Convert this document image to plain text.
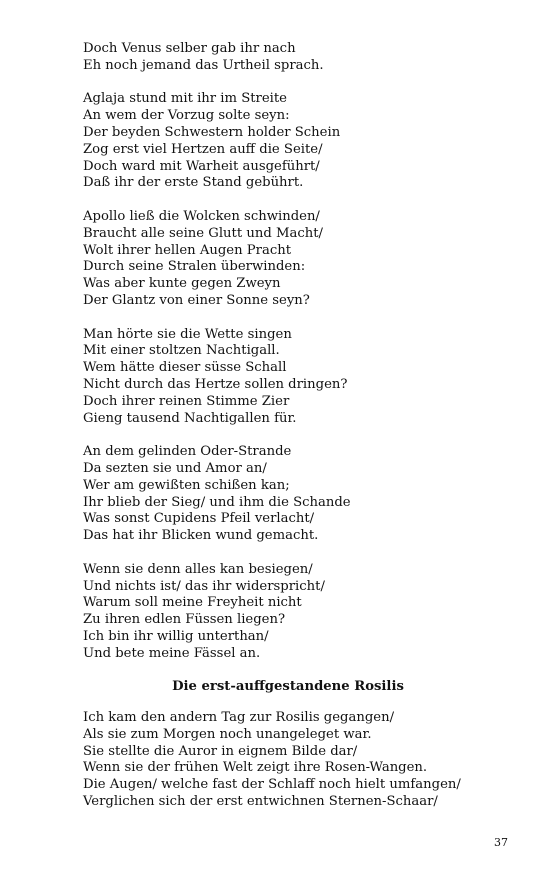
Doch Venus selber gab ihr nach
Eh noch jemand das Urtheil sprach.
Aglaja stund mit ihr im Streite
An wem der Vorzug solte seyn:
Der beyden Schwestern holder Schein
Zog erst viel Hertzen auff die Seite/
Doch ward mit Warheit ausgeführt/
Daß ihr der erste Stand gebührt.
Apollo ließ die Wolcken schwinden/
Braucht alle seine Glutt und Macht/
Wolt ihrer hellen Augen Pracht
Durch seine Stralen überwinden:
Was aber kunte gegen Zweyn
Der Glantz von einer Sonne seyn?
Man hörte sie die Wette singen
Mit einer stoltzen Nachtigall.
Wem hätte dieser süsse Schall
Nicht durch das Hertze sollen dringen?
Doch ihrer reinen Stimme Zier
Gieng tausend Nachtigallen für.
An dem gelinden Oder-Strande
Da sezten sie und Amor an/
Wer am gewißten schißen kan;
Ihr blieb der Sieg/ und ihm die Schande
Was sonst Cupidens Pfeil verlacht/
Das hat ihr Blicken wund gemacht.
Wenn sie denn alles kan besiegen/
Und nichts ist/ das ihr widerspricht/
Warum soll meine Freyheit nicht
Zu ihren edlen Füssen liegen?
Ich bin ihr willig unterthan/
Und bete meine Fässel an.
Die erst-auffgestandene Rosilis
Ich kam den andern Tag zur Rosilis gegangen/
Als sie zum Morgen noch unangeleget war.
Sie stellte die Auror in eignem Bilde dar/
Wenn sie der frühen Welt zeigt ihre Rosen-Wangen.
Die Augen/ welche fast der Schlaff noch hielt umfangen/
Verglichen sich der erst entwichnen Sternen-Schaar/
37
